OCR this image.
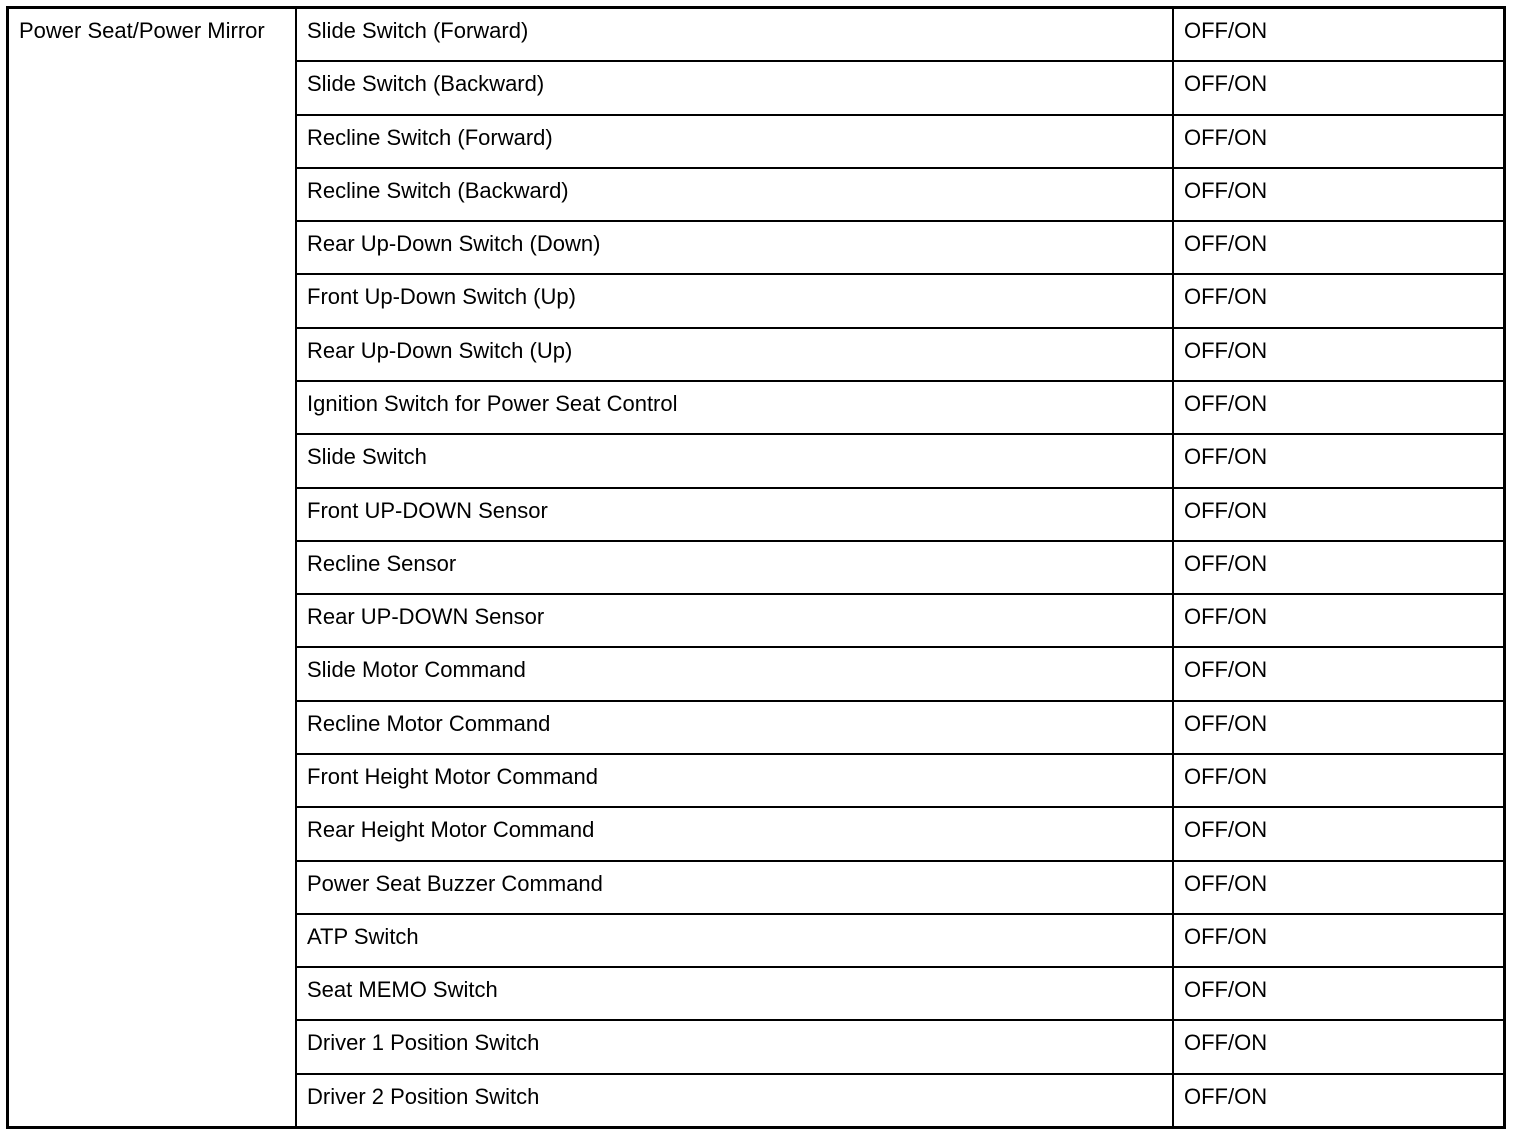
Power Seat/Power Mirror	Slide Switch (Forward)	OFF/ON
Slide Switch (Backward)	OFF/ON
Recline Switch (Forward)	OFF/ON
Recline Switch (Backward)	OFF/ON
Rear Up-Down Switch (Down)	OFF/ON
Front Up-Down Switch (Up)	OFF/ON
Rear Up-Down Switch (Up)	OFF/ON
Ignition Switch for Power Seat Control	OFF/ON
Slide Switch	OFF/ON
Front UP-DOWN Sensor	OFF/ON
Recline Sensor	OFF/ON
Rear UP-DOWN Sensor	OFF/ON
Slide Motor Command	OFF/ON
Recline Motor Command	OFF/ON
Front Height Motor Command	OFF/ON
Rear Height Motor Command	OFF/ON
Power Seat Buzzer Command	OFF/ON
ATP Switch	OFF/ON
Seat MEMO Switch	OFF/ON
Driver 1 Position Switch	OFF/ON
Driver 2 Position Switch	OFF/ON
